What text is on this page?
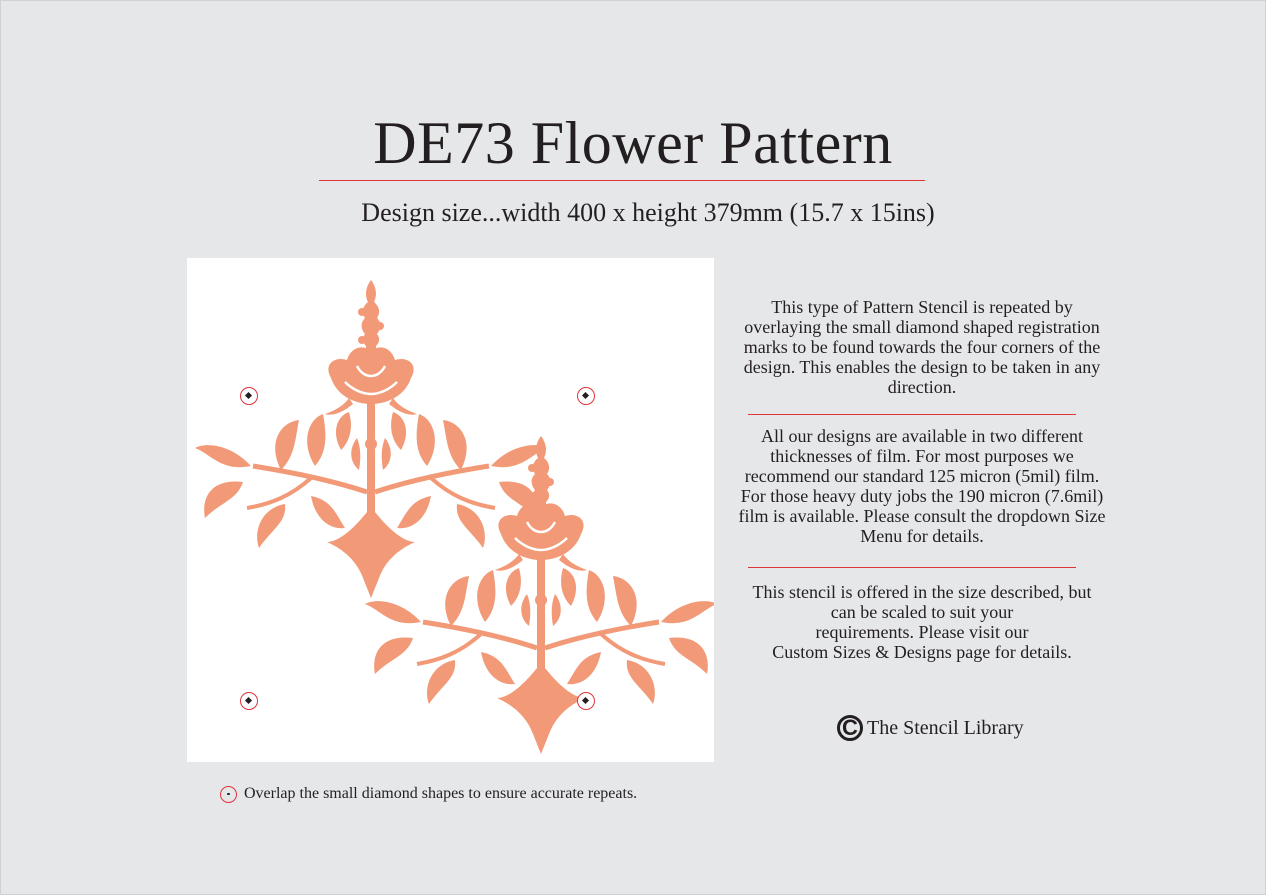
DE73 Flower Pattern
Design size...width 400 x height 379mm (15.7 x 15ins)
This type of Pattern Stencil is repeated by overlaying the small diamond shaped registration marks to be found towards the four corners of the design. This enables the design to be taken in any direction.
All our designs are available in two different thicknesses of film. For most purposes we recommend our standard 125 micron (5mil) film. For those heavy duty jobs the 190 micron (7.6mil) film is available. Please consult the dropdown Size Menu for details.
This stencil is offered in the size described, but
can be scaled to suit your
requirements. Please visit our
Custom Sizes & Designs page for details.
C The Stencil Library
Overlap the small diamond shapes to ensure accurate repeats.
